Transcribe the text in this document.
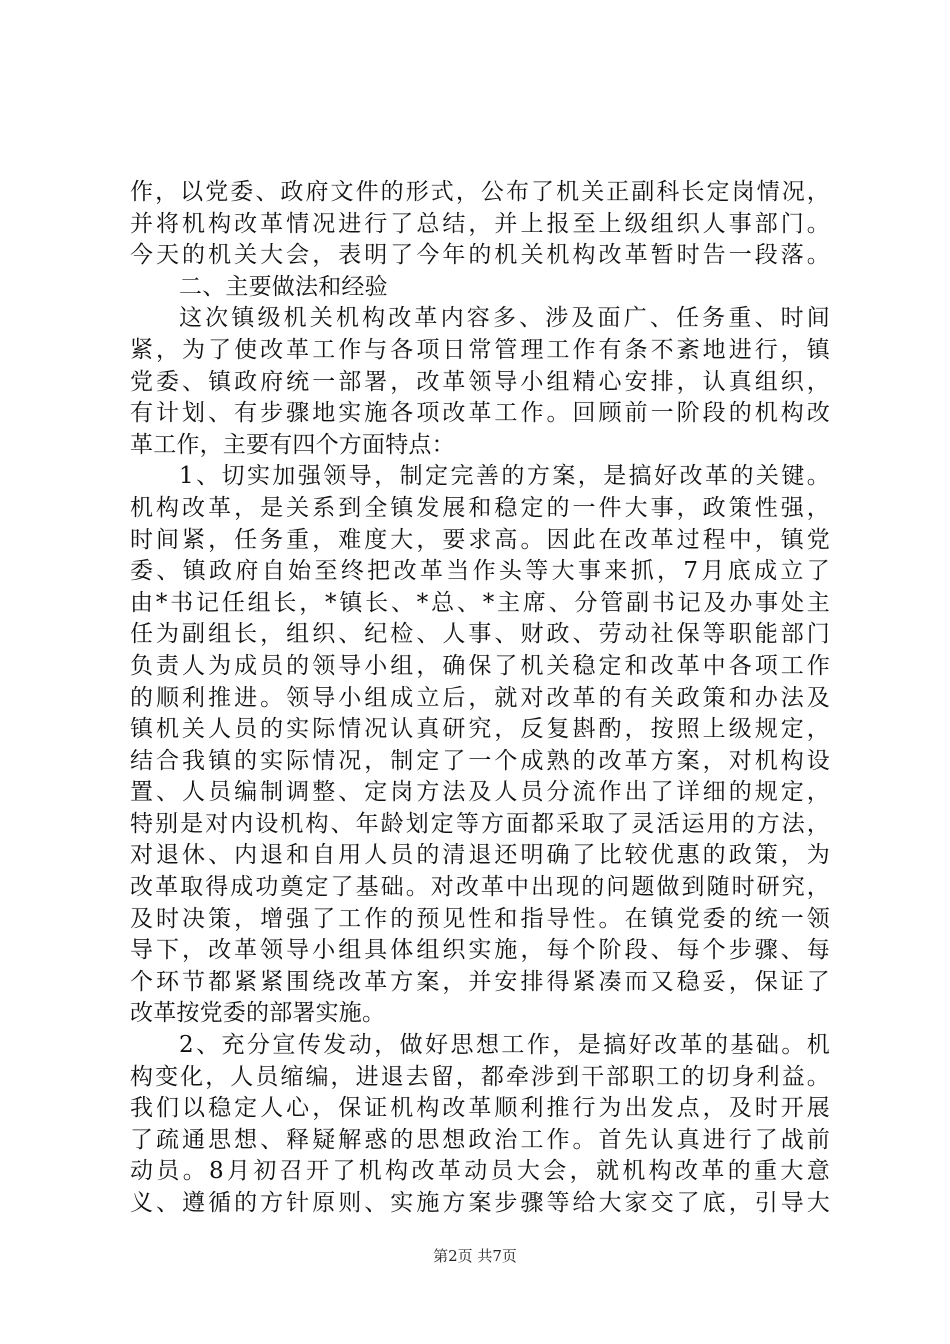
作，以党委、政府文件的形式，公布了机关正副科长定岗情况，
并将机构改革情况进行了总结，并上报至上级组织人事部门。
今天的机关大会，表明了今年的机关机构改革暂时告一段落。
二、主要做法和经验
这次镇级机关机构改革内容多、涉及面广、任务重、时间
紧，为了使改革工作与各项日常管理工作有条不紊地进行，镇
党委、镇政府统一部署，改革领导小组精心安排，认真组织，
有计划、有步骤地实施各项改革工作。回顾前一阶段的机构改
革工作，主要有四个方面特点：
1、切实加强领导，制定完善的方案，是搞好改革的关键。
机构改革，是关系到全镇发展和稳定的一件大事，政策性强，
时间紧，任务重，难度大，要求高。因此在改革过程中，镇党
委、镇政府自始至终把改革当作头等大事来抓，7月底成立了
由*书记任组长，*镇长、*总、*主席、分管副书记及办事处主
任为副组长，组织、纪检、人事、财政、劳动社保等职能部门
负责人为成员的领导小组，确保了机关稳定和改革中各项工作
的顺利推进。领导小组成立后，就对改革的有关政策和办法及
镇机关人员的实际情况认真研究，反复斟酌，按照上级规定，
结合我镇的实际情况，制定了一个成熟的改革方案，对机构设
置、人员编制调整、定岗方法及人员分流作出了详细的规定，
特别是对内设机构、年龄划定等方面都采取了灵活运用的方法，
对退休、内退和自用人员的清退还明确了比较优惠的政策，为
改革取得成功奠定了基础。对改革中出现的问题做到随时研究，
及时决策，增强了工作的预见性和指导性。在镇党委的统一领
导下，改革领导小组具体组织实施，每个阶段、每个步骤、每
个环节都紧紧围绕改革方案，并安排得紧凑而又稳妥，保证了
改革按党委的部署实施。
2、充分宣传发动，做好思想工作，是搞好改革的基础。机
构变化，人员缩编，进退去留，都牵涉到干部职工的切身利益。
我们以稳定人心，保证机构改革顺利推行为出发点，及时开展
了疏通思想、释疑解惑的思想政治工作。首先认真进行了战前
动员。8月初召开了机构改革动员大会，就机构改革的重大意
义、遵循的方针原则、实施方案步骤等给大家交了底，引导大
第2页 共7页
